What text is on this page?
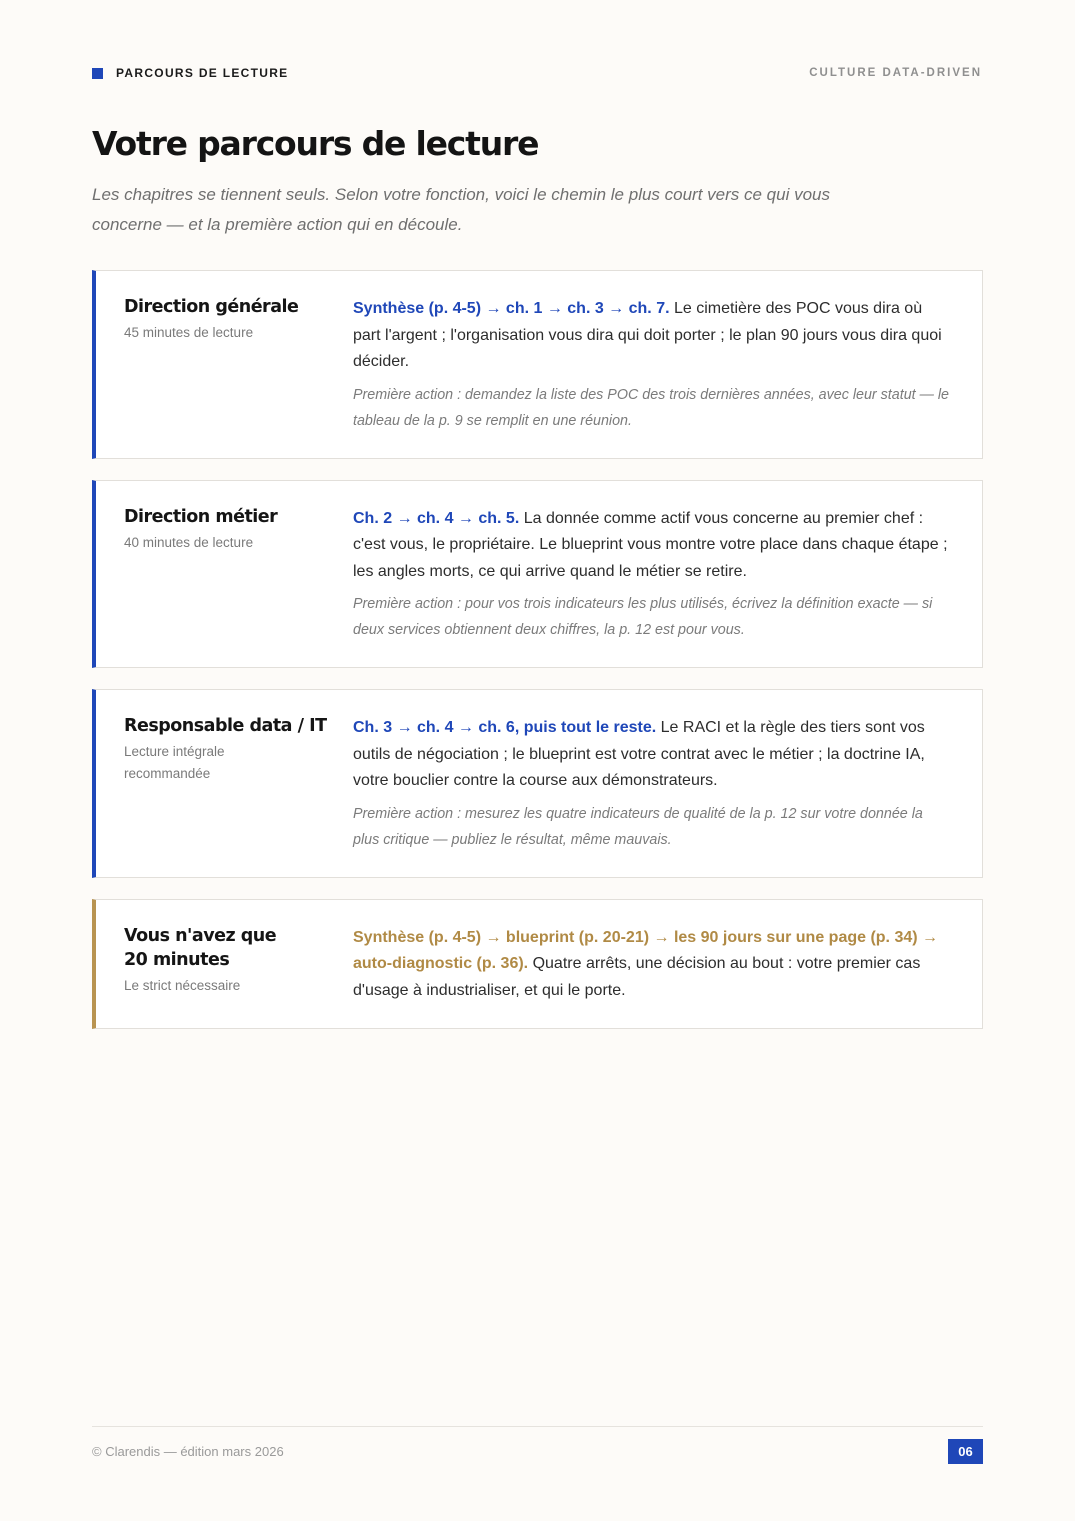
PARCOURS DE LECTURE	CULTURE DATA-DRIVEN
Votre parcours de lecture

Les chapitres se tiennent seuls. Selon votre fonction, voici le chemin le plus court vers ce qui vous concerne — et la première action qui en découle.

Direction générale
45 minutes de lecture

Synthèse (p. 4-5) → ch. 1 → ch. 3 → ch. 7. Le cimetière des POC vous dira où part l'argent ; l'organisation vous dira qui doit porter ; le plan 90 jours vous dira quoi décider.

Première action : demandez la liste des POC des trois dernières années, avec leur statut — le tableau de la p. 9 se remplit en une réunion.

Direction métier
40 minutes de lecture

Ch. 2 → ch. 4 → ch. 5. La donnée comme actif vous concerne au premier chef : c'est vous, le propriétaire. Le blueprint vous montre votre place dans chaque étape ; les angles morts, ce qui arrive quand le métier se retire.

Première action : pour vos trois indicateurs les plus utilisés, écrivez la définition exacte — si deux services obtiennent deux chiffres, la p. 12 est pour vous.

Responsable data / IT
Lecture intégrale recommandée

Ch. 3 → ch. 4 → ch. 6, puis tout le reste. Le RACI et la règle des tiers sont vos outils de négociation ; le blueprint est votre contrat avec le métier ; la doctrine IA, votre bouclier contre la course aux démonstrateurs.

Première action : mesurez les quatre indicateurs de qualité de la p. 12 sur votre donnée la plus critique — publiez le résultat, même mauvais.

Vous n'avez que 20 minutes
Le strict nécessaire

Synthèse (p. 4-5) → blueprint (p. 20-21) → les 90 jours sur une page (p. 34) → auto-diagnostic (p. 36). Quatre arrêts, une décision au bout : votre premier cas d'usage à industrialiser, et qui le porte.

© Clarendis — édition mars 2026	06
